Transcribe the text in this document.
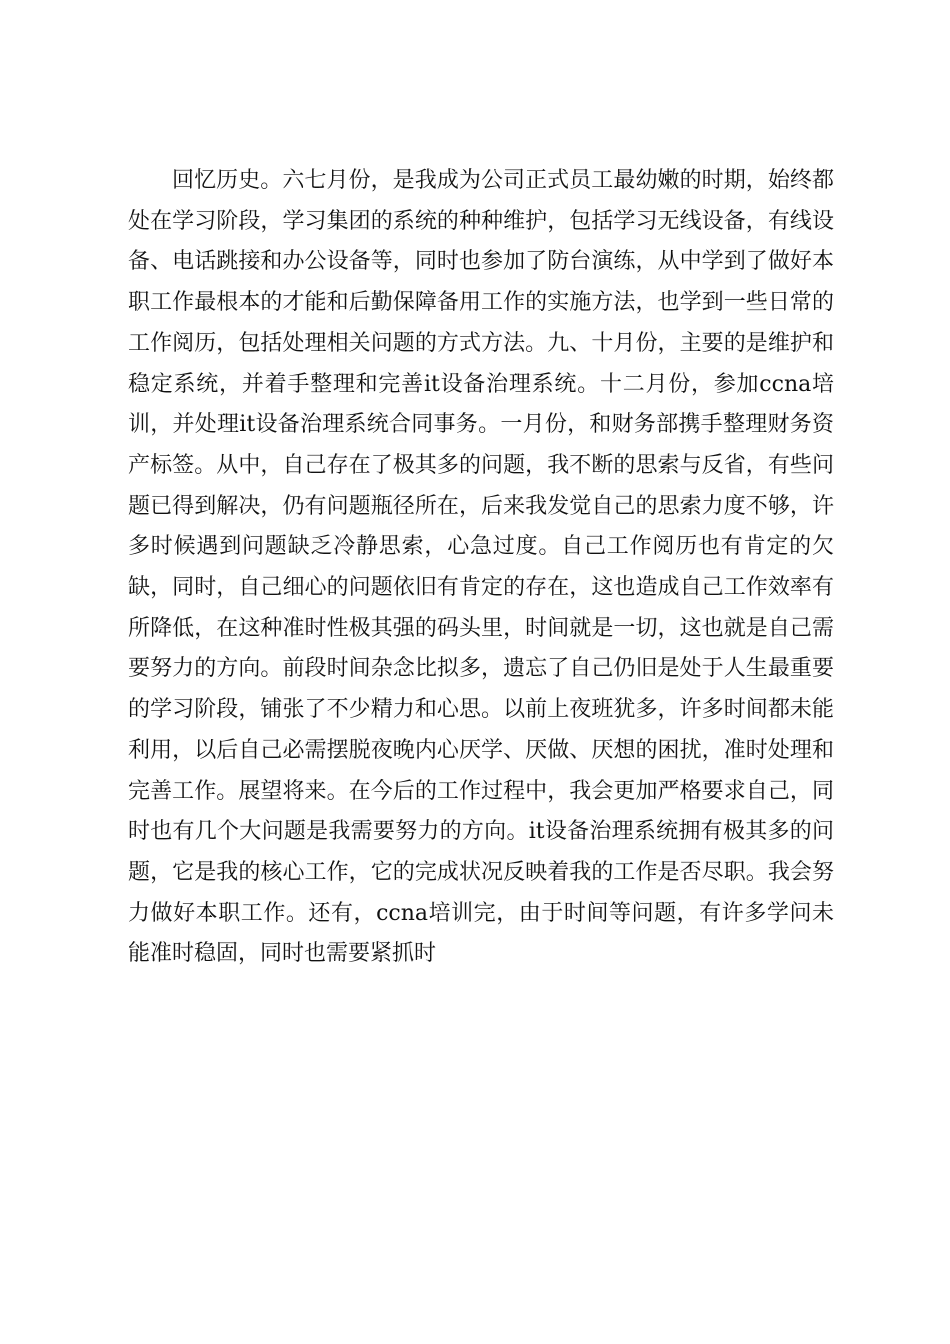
回忆历史。六七月份，是我成为公司正式员工最幼嫩的时期，始终都处在学习阶段，学习集团的系统的种种维护，包括学习无线设备，有线设备、电话跳接和办公设备等，同时也参加了防台演练，从中学到了做好本职工作最根本的才能和后勤保障备用工作的实施方法，也学到一些日常的工作阅历，包括处理相关问题的方式方法。九、十月份，主要的是维护和稳定系统，并着手整理和完善it设备治理系统。十二月份，参加ccna培训，并处理it设备治理系统合同事务。一月份，和财务部携手整理财务资产标签。从中，自己存在了极其多的问题，我不断的思索与反省，有些问题已得到解决，仍有问题瓶径所在，后来我发觉自己的思索力度不够，许多时候遇到问题缺乏冷静思索，心急过度。自己工作阅历也有肯定的欠缺，同时，自己细心的问题依旧有肯定的存在，这也造成自己工作效率有所降低，在这种准时性极其强的码头里，时间就是一切，这也就是自己需要努力的方向。前段时间杂念比拟多，遗忘了自己仍旧是处于人生最重要的学习阶段，铺张了不少精力和心思。以前上夜班犹多，许多时间都未能利用，以后自己必需摆脱夜晚内心厌学、厌做、厌想的困扰，准时处理和完善工作。展望将来。在今后的工作过程中，我会更加严格要求自己，同时也有几个大问题是我需要努力的方向。it设备治理系统拥有极其多的问题，它是我的核心工作，它的完成状况反映着我的工作是否尽职。我会努力做好本职工作。还有，ccna培训完，由于时间等问题，有许多学问未能准时稳固，同时也需要紧抓时
